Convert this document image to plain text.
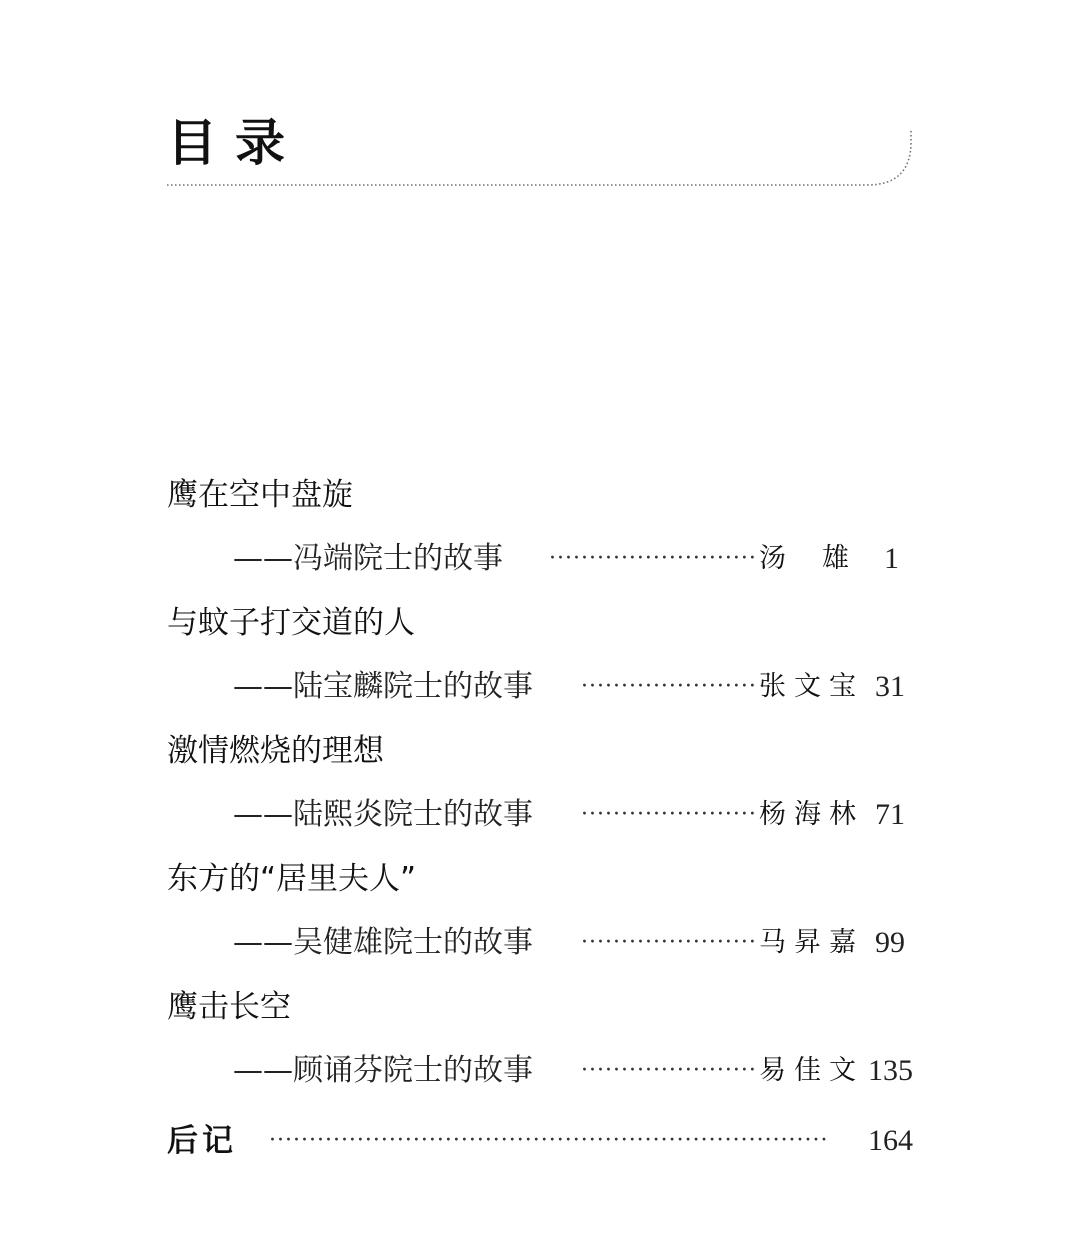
目录
鹰在空中盘旋
——冯端院士的故事 ·························· 汤雄 1
与蚊子打交道的人
——陆宝麟院士的故事 ······················ 张文宝 31
激情燃烧的理想
——陆熙炎院士的故事 ······················ 杨海林 71
东方的“居里夫人”
——吴健雄院士的故事 ······················ 马昇嘉 99
鹰击长空
——顾诵芬院士的故事 ······················ 易佳文 135
后记 ······································································	164
